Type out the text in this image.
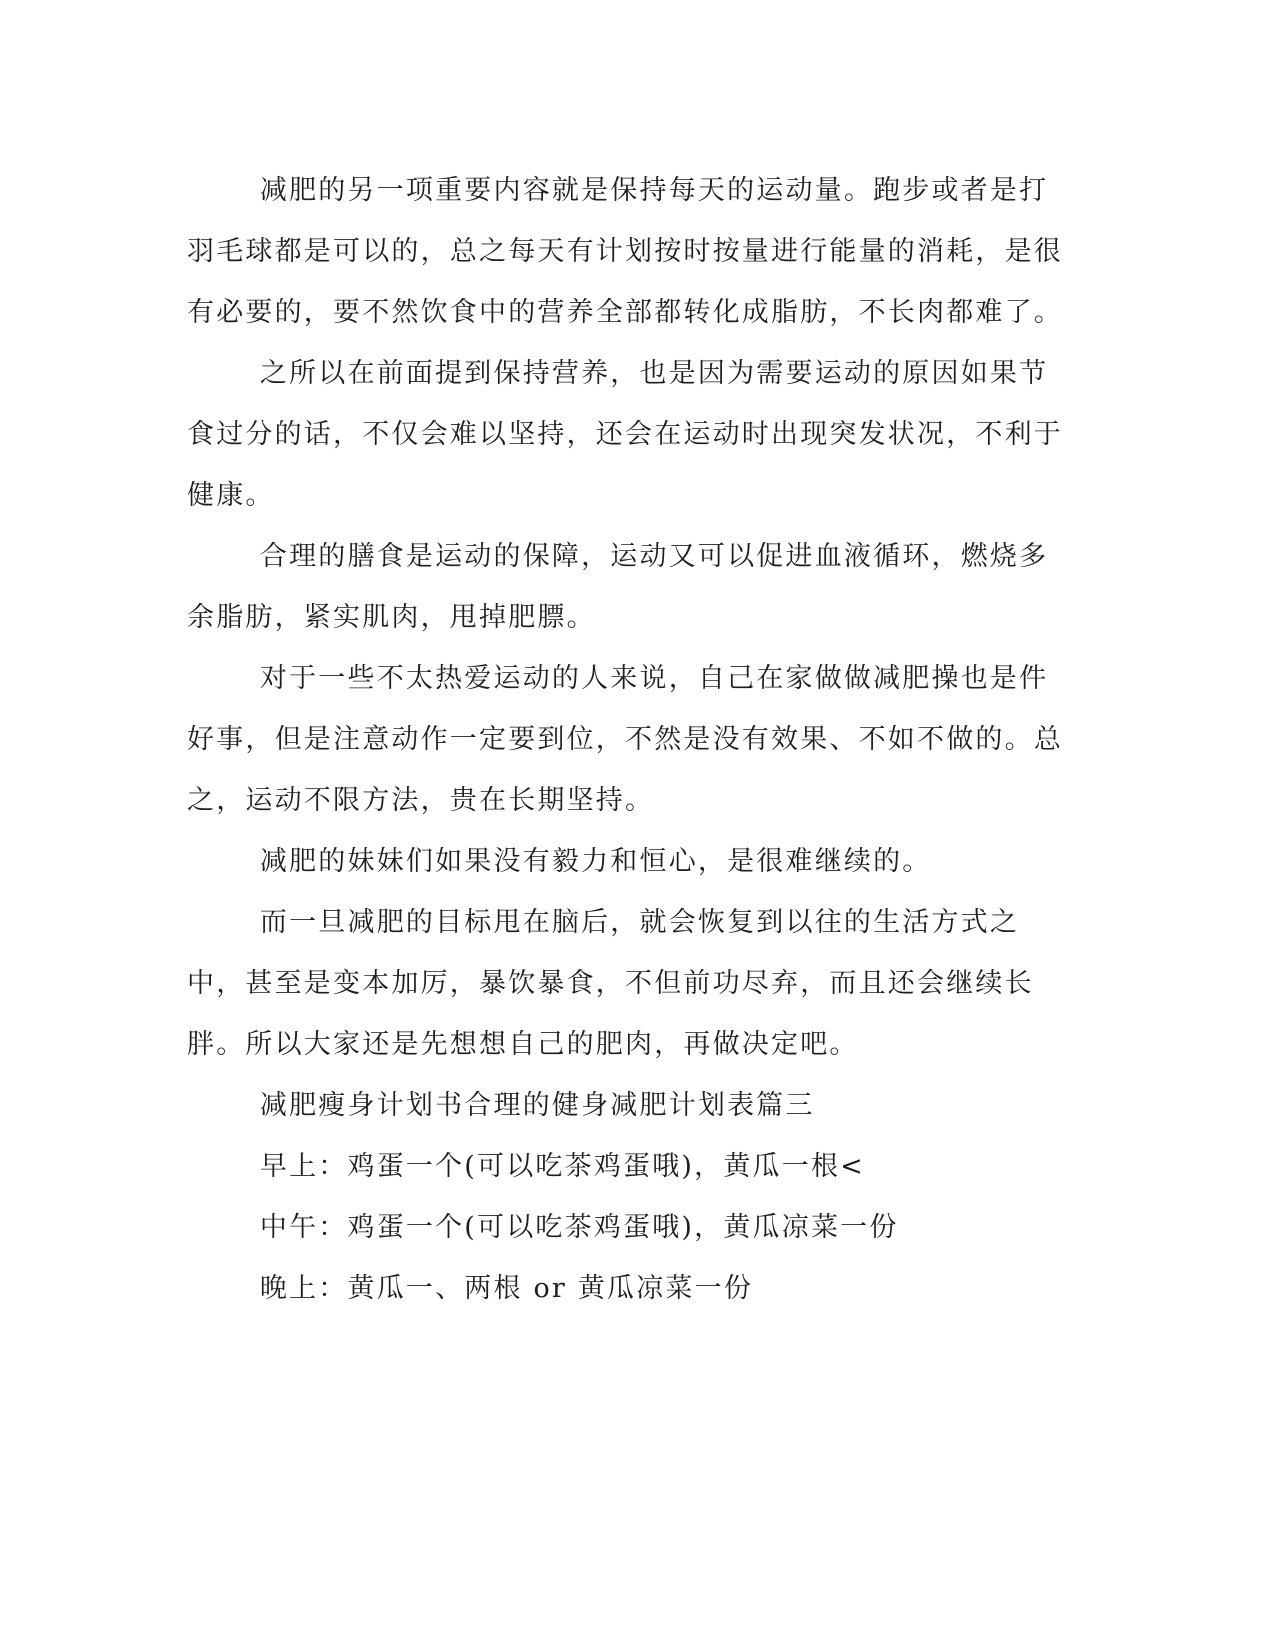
减肥的另一项重要内容就是保持每天的运动量。跑步或者是打羽毛球都是可以的，总之每天有计划按时按量进行能量的消耗，是很有必要的，要不然饮食中的营养全部都转化成脂肪，不长肉都难了。

之所以在前面提到保持营养，也是因为需要运动的原因如果节食过分的话，不仅会难以坚持，还会在运动时出现突发状况，不利于健康。

合理的膳食是运动的保障，运动又可以促进血液循环，燃烧多余脂肪，紧实肌肉，甩掉肥膘。

对于一些不太热爱运动的人来说，自己在家做做减肥操也是件好事，但是注意动作一定要到位，不然是没有效果、不如不做的。总之，运动不限方法，贵在长期坚持。

减肥的妹妹们如果没有毅力和恒心，是很难继续的。

而一旦减肥的目标甩在脑后，就会恢复到以往的生活方式之中，甚至是变本加厉，暴饮暴食，不但前功尽弃，而且还会继续长胖。所以大家还是先想想自己的肥肉，再做决定吧。

减肥瘦身计划书合理的健身减肥计划表篇三

早上：鸡蛋一个(可以吃茶鸡蛋哦)，黄瓜一根<

中午：鸡蛋一个(可以吃茶鸡蛋哦)，黄瓜凉菜一份

晚上：黄瓜一、两根 or 黄瓜凉菜一份
